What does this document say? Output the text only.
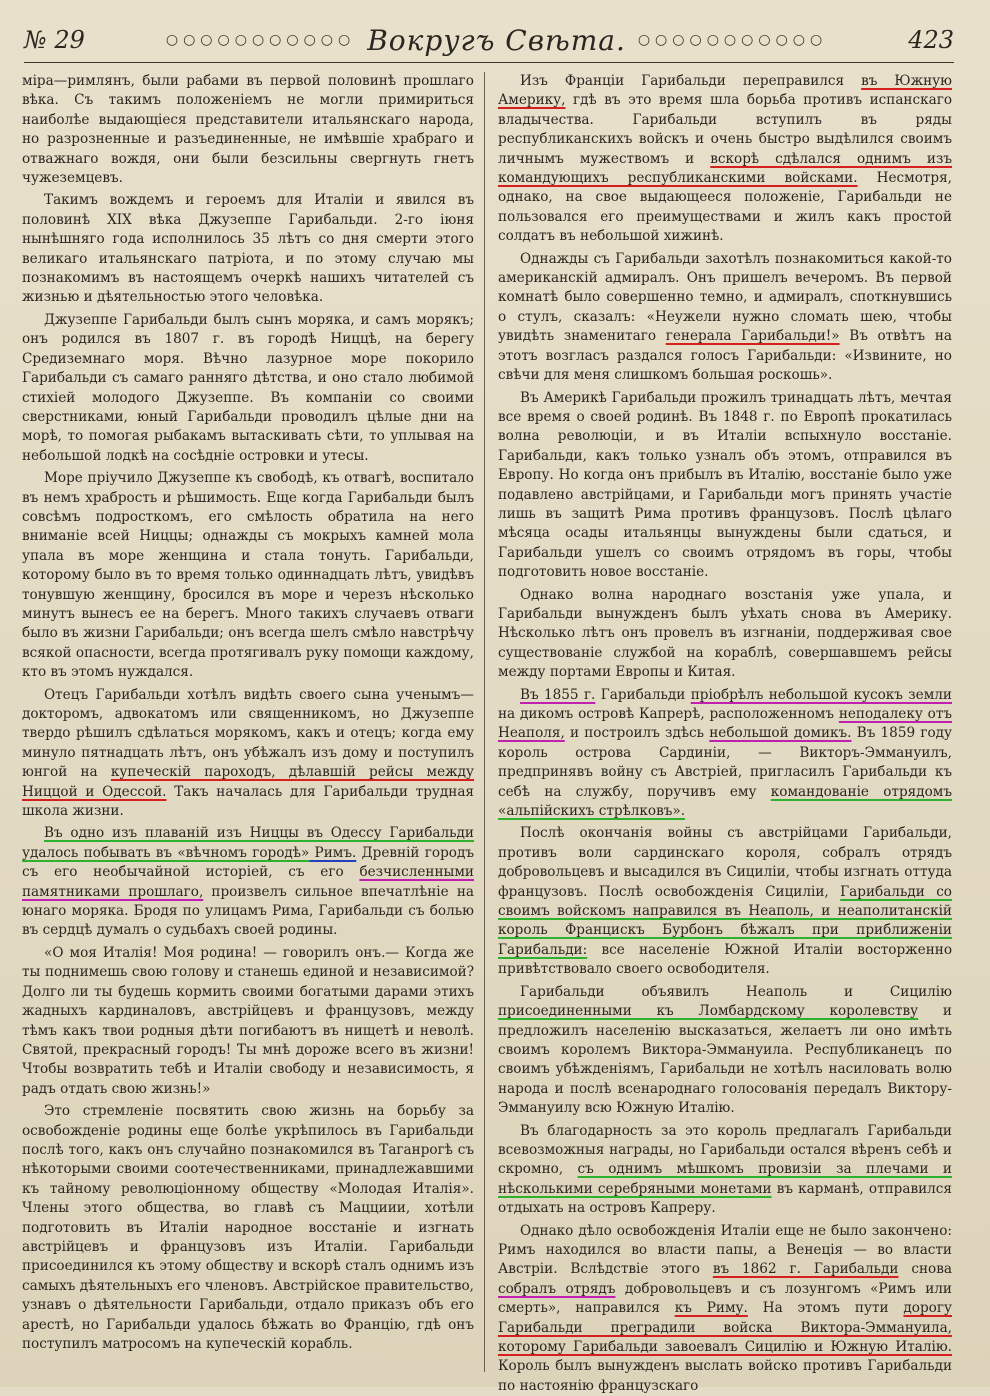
№ 29	○○○○○○○○○○○ Вокругъ Свѣта. ○○○○○○○○○○○	423

міра—римлянъ, были рабами въ первой половинѣ прошлаго вѣка. Съ такимъ положеніемъ не могли примириться наиболѣе выдающіеся представители итальянскаго народа, но разрозненные и разъединенные, не имѣвшіе храбраго и отважнаго вождя, они были безсильны свергнуть гнетъ чужеземцевъ.

Такимъ вождемъ и героемъ для Италіи и явился въ половинѣ XIX вѣка Джузеппе Гарибальди. 2-го іюня нынѣшняго года исполнилось 35 лѣтъ со дня смерти этого великаго итальянскаго патріота, и по этому случаю мы познакомимъ въ настоящемъ очеркѣ нашихъ читателей съ жизнью и дѣятельностью этого человѣка.

Джузеппе Гарибальди былъ сынъ моряка, и самъ морякъ; онъ родился въ 1807 г. въ городѣ Ниццѣ, на берегу Средиземнаго моря. Вѣчно лазурное море покорило Гарибальди съ самаго ранняго дѣтства, и оно стало любимой стихіей молодого Джузеппе. Въ компаніи со своими сверстниками, юный Гарибальди проводилъ цѣлые дни на морѣ, то помогая рыбакамъ вытаскивать сѣти, то уплывая на небольшой лодкѣ на сосѣдніе островки и утесы.

Море пріучило Джузеппе къ свободѣ, къ отвагѣ, воспитало въ немъ храбрость и рѣшимость. Еще когда Гарибальди былъ совсѣмъ подросткомъ, его смѣлость обратила на него вниманіе всей Ниццы; однажды съ мокрыхъ камней мола упала въ море женщина и стала тонуть. Гарибальди, которому было въ то время только одиннадцать лѣтъ, увидѣвъ тонувшую женщину, бросился въ море и черезъ нѣсколько минутъ вынесъ ее на берегъ. Много такихъ случаевъ отваги было въ жизни Гарибальди; онъ всегда шелъ смѣло навстрѣчу всякой опасности, всегда протягивалъ руку помощи каждому, кто въ этомъ нуждался.

Отецъ Гарибальди хотѣлъ видѣть своего сына ученымъ—докторомъ, адвокатомъ или священникомъ, но Джузеппе твердо рѣшилъ сдѣлаться морякомъ, какъ и отецъ; когда ему минуло пятнадцать лѣтъ, онъ убѣжалъ изъ дому и поступилъ юнгой на купеческій пароходъ, дѣлавшій рейсы между Ниццой и Одессой. Такъ началась для Гарибальди трудная школа жизни.

Въ одно изъ плаваній изъ Ниццы въ Одессу Гарибальди удалось побывать въ «вѣчномъ городѣ» Римъ. Древній городъ съ его необычайной исторіей, съ его безчисленными памятниками прошлаго, произвелъ сильное впечатлѣніе на юнаго моряка. Бродя по улицамъ Рима, Гарибальди съ болью въ сердцѣ думалъ о судьбахъ своей родины.

«О моя Италія! Моя родина! — говорилъ онъ.— Когда же ты поднимешь свою голову и станешь единой и независимой? Долго ли ты будешь кормить своими богатыми дарами этихъ жадныхъ кардиналовъ, австрійцевъ и французовъ, между тѣмъ какъ твои родныя дѣти погибаютъ въ нищетѣ и неволѣ. Святой, прекрасный городъ! Ты мнѣ дороже всего въ жизни! Чтобы возвратить тебѣ и Италіи свободу и независимость, я радъ отдать свою жизнь!»

Это стремленіе посвятить свою жизнь на борьбу за освобожденіе родины еще болѣе укрѣпилось въ Гарибальди послѣ того, какъ онъ случайно познакомился въ Таганрогѣ съ нѣкоторыми своими соотечественниками, принадлежавшими къ тайному революціонному обществу «Молодая Италія». Члены этого общества, во главѣ съ Мацциии, хотѣли подготовить въ Италіи народное восстаніе и изгнать австрійцевъ и французовъ изъ Италіи. Гарибальди присоединился къ этому обществу и вскорѣ сталъ однимъ изъ самыхъ дѣятельныхъ его членовъ. Австрійское правительство, узнавъ о дѣятельности Гарибальди, отдало приказъ объ его арестѣ, но Гарибальди удалось бѣжать во Францію, гдѣ онъ поступилъ матросомъ на купеческій корабль.

Изъ Франціи Гарибальди переправился въ Южную Америку, гдѣ въ это время шла борьба противъ испанскаго владычества. Гарибальди вступилъ въ ряды республиканскихъ войскъ и очень быстро выдѣлился своимъ личнымъ мужествомъ и вскорѣ сдѣлался однимъ изъ командующихъ республиканскими войсками. Несмотря, однако, на свое выдающееся положеніе, Гарибальди не пользовался его преимуществами и жилъ какъ простой солдатъ въ небольшой хижинѣ.

Однажды съ Гарибальди захотѣлъ познакомиться какой-то американскій адмиралъ. Онъ пришелъ вечеромъ. Въ первой комнатѣ было совершенно темно, и адмиралъ, споткнувшись о стулъ, сказалъ: «Неужели нужно сломать шею, чтобы увидѣть знаменитаго генерала Гарибальди!» Въ отвѣтъ на этотъ возгласъ раздался голосъ Гарибальди: «Извините, но свѣчи для меня слишкомъ большая роскошь».

Въ Америкѣ Гарибальди прожилъ тринадцать лѣтъ, мечтая все время о своей родинѣ. Въ 1848 г. по Европѣ прокатилась волна революціи, и въ Италіи вспыхнуло восстаніе. Гарибальди, какъ только узналъ объ этомъ, отправился въ Европу. Но когда онъ прибылъ въ Италію, восстаніе было уже подавлено австрійцами, и Гарибальди могъ принять участіе лишь въ защитѣ Рима противъ французовъ. Послѣ цѣлаго мѣсяца осады итальянцы вынуждены были сдаться, и Гарибальди ушелъ со своимъ отрядомъ въ горы, чтобы подготовить новое восстаніе.

Однако волна народнаго возстанія уже упала, и Гарибальди вынужденъ былъ уѣхать снова въ Америку. Нѣсколько лѣтъ онъ провелъ въ изгнаніи, поддерживая свое существованіе службой на кораблѣ, совершавшемъ рейсы между портами Европы и Китая.

Въ 1855 г. Гарибальди пріобрѣлъ небольшой кусокъ земли на дикомъ островѣ Капрерѣ, расположенномъ неподалеку отъ Неаполя, и построилъ здѣсь небольшой домикъ. Въ 1859 году король острова Сардиніи, — Викторъ-Эммануилъ, предпринявъ войну съ Австріей, пригласилъ Гарибальди къ себѣ на службу, поручивъ ему командованіе отрядомъ «альпійскихъ стрѣлковъ».

Послѣ окончанія войны съ австрійцами Гарибальди, противъ воли сардинскаго короля, собралъ отрядъ добровольцевъ и высадился въ Сициліи, чтобы изгнать оттуда французовъ. Послѣ освобожденія Сициліи, Гарибальди со своимъ войскомъ направился въ Неаполь, и неаполитанскій король Францискъ Бурбонъ бѣжалъ при приближеніи Гарибальди: все населеніе Южной Италіи восторженно привѣтствовало своего освободителя.

Гарибальди объявилъ Неаполь и Сицилію присоединенными къ Ломбардскому королевству и предложилъ населенію высказаться, желаетъ ли оно имѣть своимъ королемъ Виктора-Эммануила. Республиканецъ по своимъ убѣжденіямъ, Гарибальди не хотѣлъ насиловать волю народа и послѣ всенароднаго голосованія передалъ Виктору-Эммануилу всю Южную Италію.

Въ благодарность за это король предлагалъ Гарибальди всевозможныя награды, но Гарибальди остался вѣренъ себѣ и скромно, съ однимъ мѣшкомъ провизіи за плечами и нѣсколькими серебряными монетами въ карманѣ, отправился отдыхать на островъ Капреру.

Однако дѣло освобожденія Италіи еще не было закончено: Римъ находился во власти папы, а Венеція — во власти Австріи. Вслѣдствіе этого въ 1862 г. Гарибальди снова собралъ отрядъ добровольцевъ и съ лозунгомъ «Римъ или смерть», направился къ Риму. На этомъ пути дорогу Гарибальди преградили войска Виктора-Эммануила, которому Гарибальди завоевалъ Сицилію и Южную Италію. Король былъ вынужденъ выслать войско противъ Гарибальди по настоянію французскаго
